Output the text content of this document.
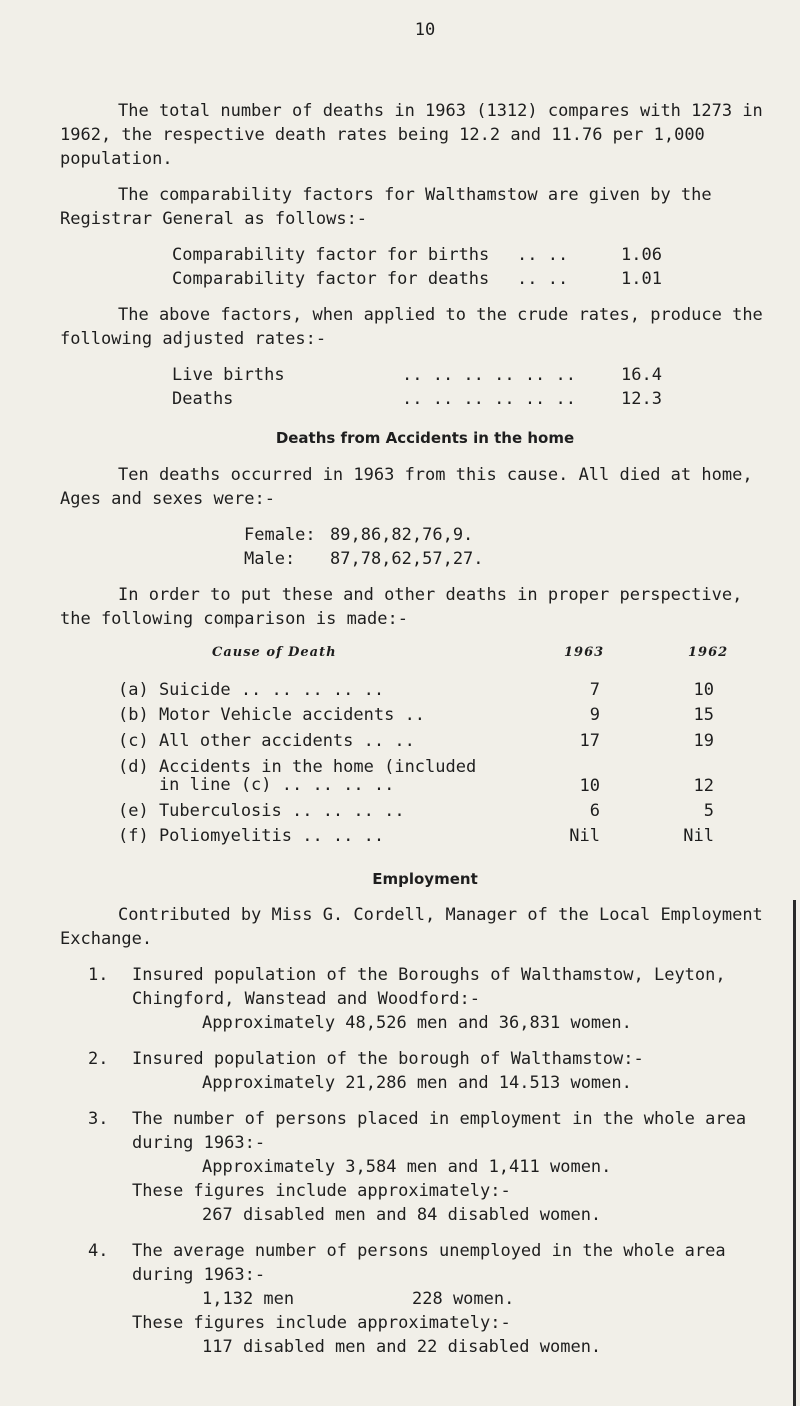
10
The total number of deaths in 1963 (1312) compares with 1273 in
1962, the respective death rates being 12.2 and 11.76 per 1,000
population.
The comparability factors for Walthamstow are given by the
Registrar General as follows:-
Comparability factor for births .. ..	1.06
Comparability factor for deaths .. ..	1.01
The above factors, when applied to the crude rates, produce the
following adjusted rates:-
Live births	.. .. .. .. .. ..	16.4
Deaths	.. .. .. .. .. ..	12.3
Deaths from Accidents in the home
Ten deaths occurred in 1963 from this cause. All died at home,
Ages and sexes were:-
Female: 89,86,82,76,9.
Male: 87,78,62,57,27.
In order to put these and other deaths in proper perspective,
the following comparison is made:-
Cause of Death	1963	1962
(a) Suicide .. .. .. .. ..	7	10
(b) Motor Vehicle accidents ..	9	15
(c) All other accidents .. ..	17	19
(d) Accidents in the home (included
in line (c) .. .. .. ..	10	12
(e) Tuberculosis .. .. .. ..	6	5
(f) Poliomyelitis .. .. ..	Nil	Nil
Employment
Contributed by Miss G. Cordell, Manager of the Local Employment
Exchange.
1. Insured population of the Boroughs of Walthamstow, Leyton,
Chingford, Wanstead and Woodford:-
Approximately 48,526 men and 36,831 women.
2. Insured population of the borough of Walthamstow:-
Approximately 21,286 men and 14.513 women.
3. The number of persons placed in employment in the whole area
during 1963:-
Approximately 3,584 men and 1,411 women.
These figures include approximately:-
267 disabled men and 84 disabled women.
4. The average number of persons unemployed in the whole area
during 1963:-
1,132 men	228 women.
These figures include approximately:-
117 disabled men and 22 disabled women.
